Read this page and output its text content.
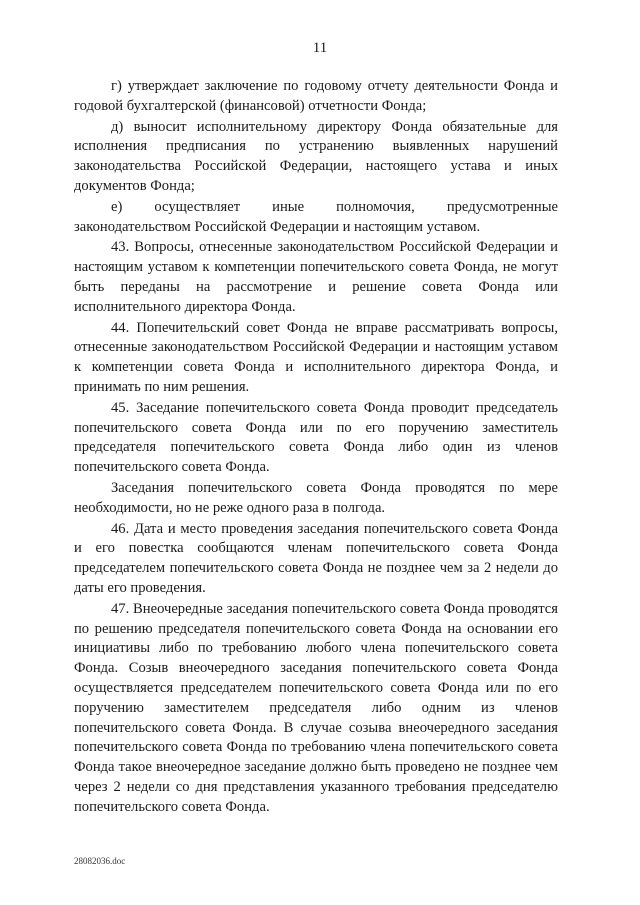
11

г) утверждает заключение по годовому отчету деятельности Фонда и годовой бухгалтерской (финансовой) отчетности Фонда;

д) выносит исполнительному директору Фонда обязательные для исполнения предписания по устранению выявленных нарушений законодательства Российской Федерации, настоящего устава и иных документов Фонда;

е) осуществляет иные полномочия, предусмотренные законодательством Российской Федерации и настоящим уставом.

43. Вопросы, отнесенные законодательством Российской Федерации и настоящим уставом к компетенции попечительского совета Фонда, не могут быть переданы на рассмотрение и решение совета Фонда или исполнительного директора Фонда.

44. Попечительский совет Фонда не вправе рассматривать вопросы, отнесенные законодательством Российской Федерации и настоящим уставом к компетенции совета Фонда и исполнительного директора Фонда, и принимать по ним решения.

45. Заседание попечительского совета Фонда проводит председатель попечительского совета Фонда или по его поручению заместитель председателя попечительского совета Фонда либо один из членов попечительского совета Фонда.

Заседания попечительского совета Фонда проводятся по мере необходимости, но не реже одного раза в полгода.

46. Дата и место проведения заседания попечительского совета Фонда и его повестка сообщаются членам попечительского совета Фонда председателем попечительского совета Фонда не позднее чем за 2 недели до даты его проведения.

47. Внеочередные заседания попечительского совета Фонда проводятся по решению председателя попечительского совета Фонда на основании его инициативы либо по требованию любого члена попечительского совета Фонда. Созыв внеочередного заседания попечительского совета Фонда осуществляется председателем попечительского совета Фонда или по его поручению заместителем председателя либо одним из членов попечительского совета Фонда. В случае созыва внеочередного заседания попечительского совета Фонда по требованию члена попечительского совета Фонда такое внеочередное заседание должно быть проведено не позднее чем через 2 недели со дня представления указанного требования председателю попечительского совета Фонда.

28082036.doc
